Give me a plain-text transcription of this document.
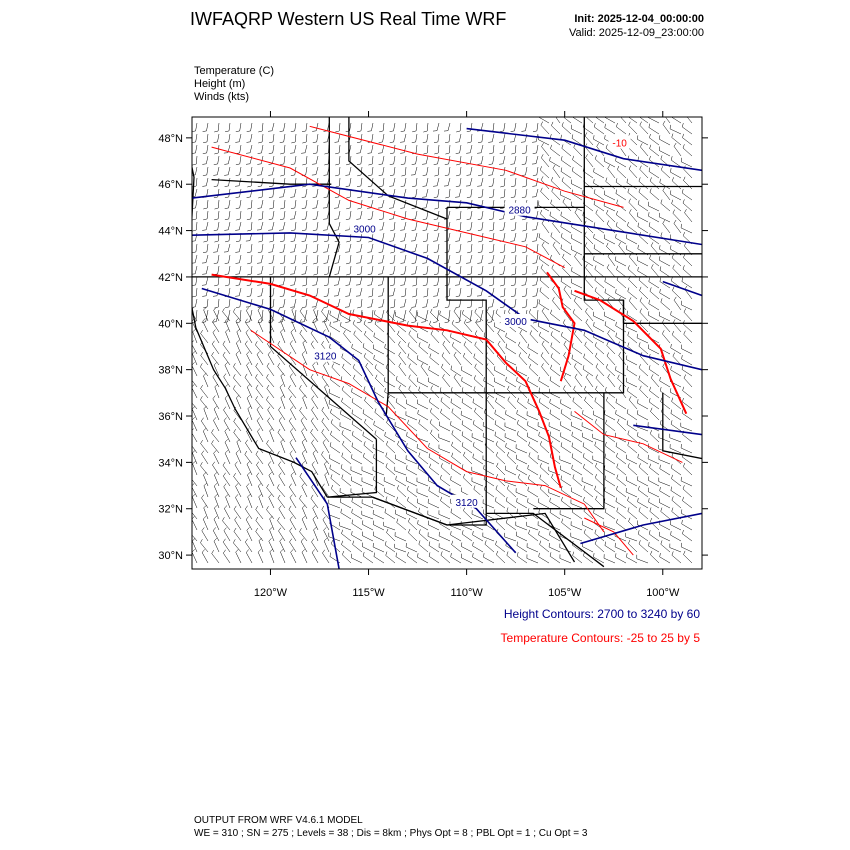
IWFAQRP Western US Real Time WRF	Init: 2025-12-04_00:00:00
Valid: 2025-12-09_23:00:00
Temperature (C)
Height (m)
Winds (kts)
2880
3000
3000
3120
3120
-10
48°N
46°N
44°N
42°N
40°N
38°N
36°N
34°N
32°N
30°N
120°W	115°W	110°W	105°W	100°W
Height Contours: 2700 to 3240 by 60
Temperature Contours: -25 to 25 by 5
OUTPUT FROM WRF V4.6.1 MODEL
WE = 310 ; SN = 275 ; Levels = 38 ; Dis = 8km ; Phys Opt = 8 ; PBL Opt = 1 ; Cu Opt = 3
